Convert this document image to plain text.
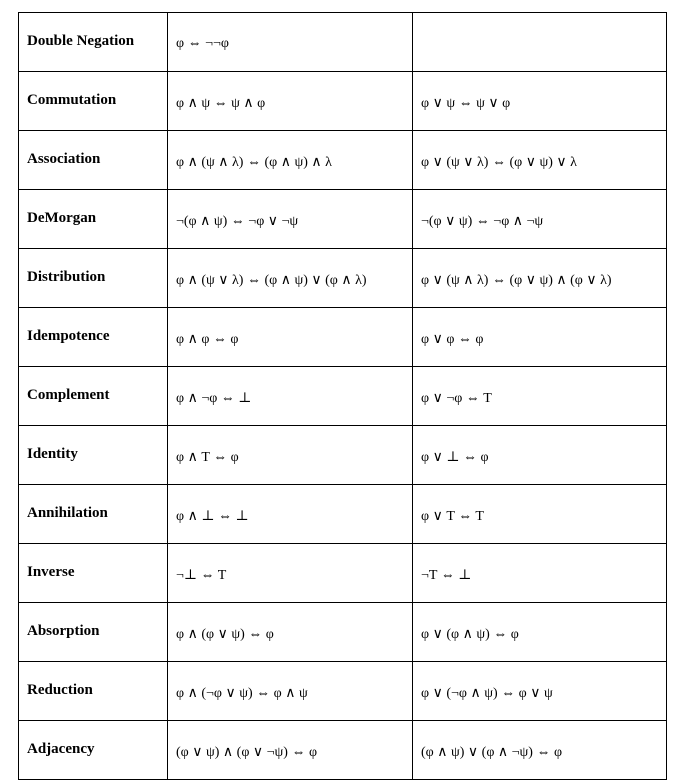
Double Negation	φ ⇔ ¬¬φ	
Commutation	φ ∧ ψ ⇔ ψ ∧ φ	φ ∨ ψ ⇔ ψ ∨ φ
Association	φ ∧ (ψ ∧ λ) ⇔ (φ ∧ ψ) ∧ λ	φ ∨ (ψ ∨ λ) ⇔ (φ ∨ ψ) ∨ λ
DeMorgan	¬(φ ∧ ψ) ⇔ ¬φ ∨ ¬ψ	¬(φ ∨ ψ) ⇔ ¬φ ∧ ¬ψ
Distribution	φ ∧ (ψ ∨ λ) ⇔ (φ ∧ ψ) ∨ (φ ∧ λ)	φ ∨ (ψ ∧ λ) ⇔ (φ ∨ ψ) ∧ (φ ∨ λ)
Idempotence	φ ∧ φ ⇔ φ	φ ∨ φ ⇔ φ
Complement	φ ∧ ¬φ ⇔ ⊥	φ ∨ ¬φ ⇔ T
Identity	φ ∧ T ⇔ φ	φ ∨ ⊥ ⇔ φ
Annihilation	φ ∧ ⊥ ⇔ ⊥	φ ∨ T ⇔ T
Inverse	¬⊥ ⇔ T	¬T ⇔ ⊥
Absorption	φ ∧ (φ ∨ ψ) ⇔ φ	φ ∨ (φ ∧ ψ) ⇔ φ
Reduction	φ ∧ (¬φ ∨ ψ) ⇔ φ ∧ ψ	φ ∨ (¬φ ∧ ψ) ⇔ φ ∨ ψ
Adjacency	(φ ∨ ψ) ∧ (φ ∨ ¬ψ) ⇔ φ	(φ ∧ ψ) ∨ (φ ∧ ¬ψ) ⇔ φ
